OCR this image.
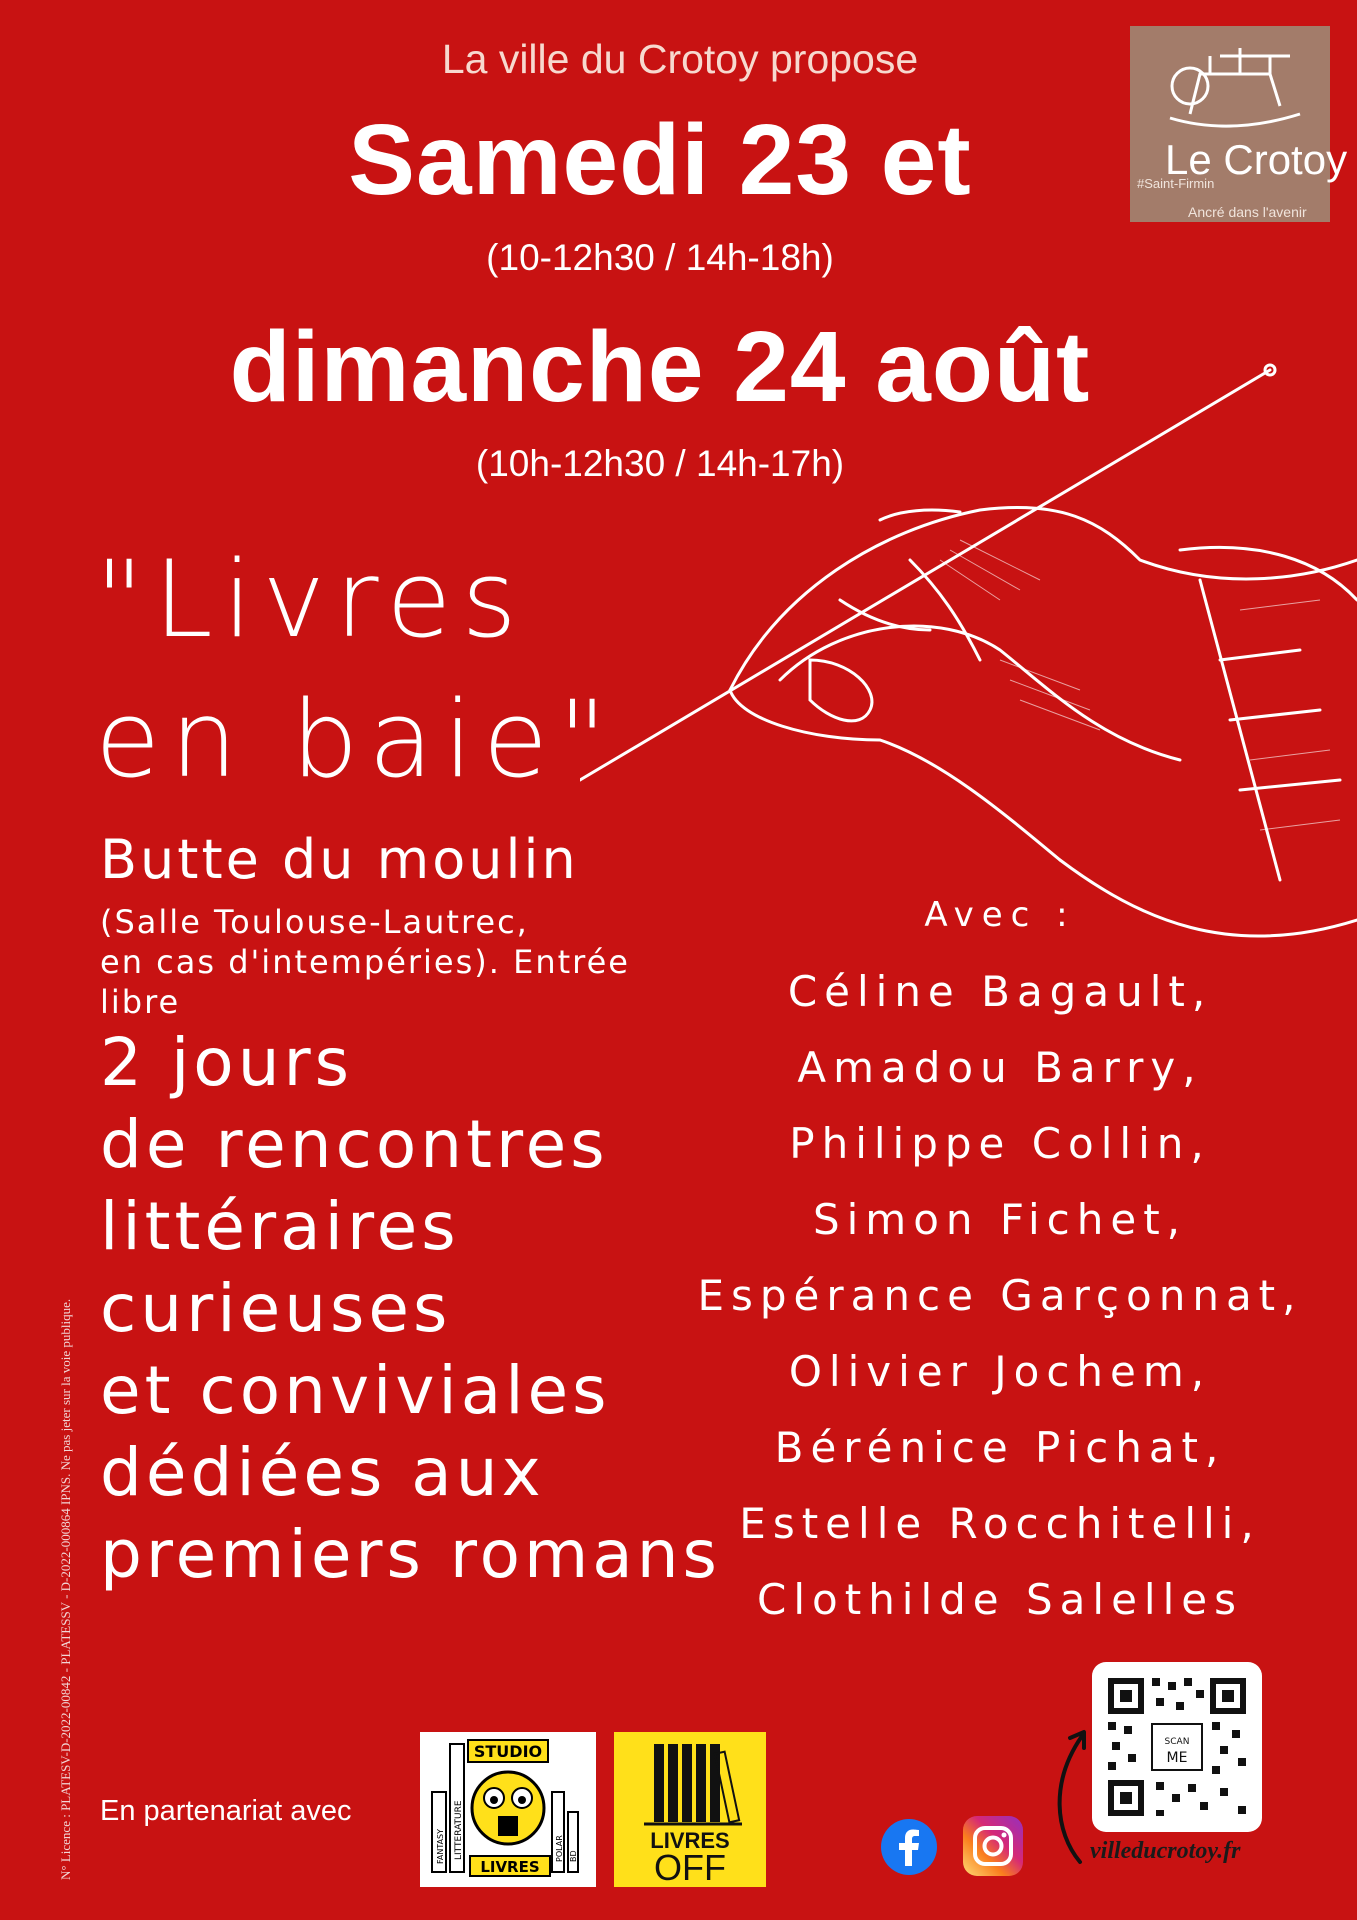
La ville du Crotoy propose
Samedi 23 et
(10-12h30 / 14h-18h)
dimanche 24 août
(10h-12h30 / 14h-17h)
Le Crotoy
#Saint-Firmin
Ancré dans l'avenir
"Livres
en baie"
Butte du moulin
(Salle Toulouse-Lautrec,
en cas d'intempéries). Entrée libre
2 jours
de rencontres
littéraires
curieuses
et conviviales
dédiées aux
premiers romans
Avec :
Céline Bagault,
Amadou Barry,
Philippe Collin,
Simon Fichet,
Espérance Garçonnat,
Olivier Jochem,
Bérénice Pichat,
Estelle Rocchitelli,
Clothilde Salelles
N° Licence : PLATESV-D-2022-00842 - PLATESSV - D-2022-000864 IPNS. Ne pas jeter sur la voie publique. En partenariat avec
STUDIO
LITTERATURE
FANTASY	POLAR BD
LIVRES
LIVRES
OFF
SCAN
ME
villeducrotoy.fr
